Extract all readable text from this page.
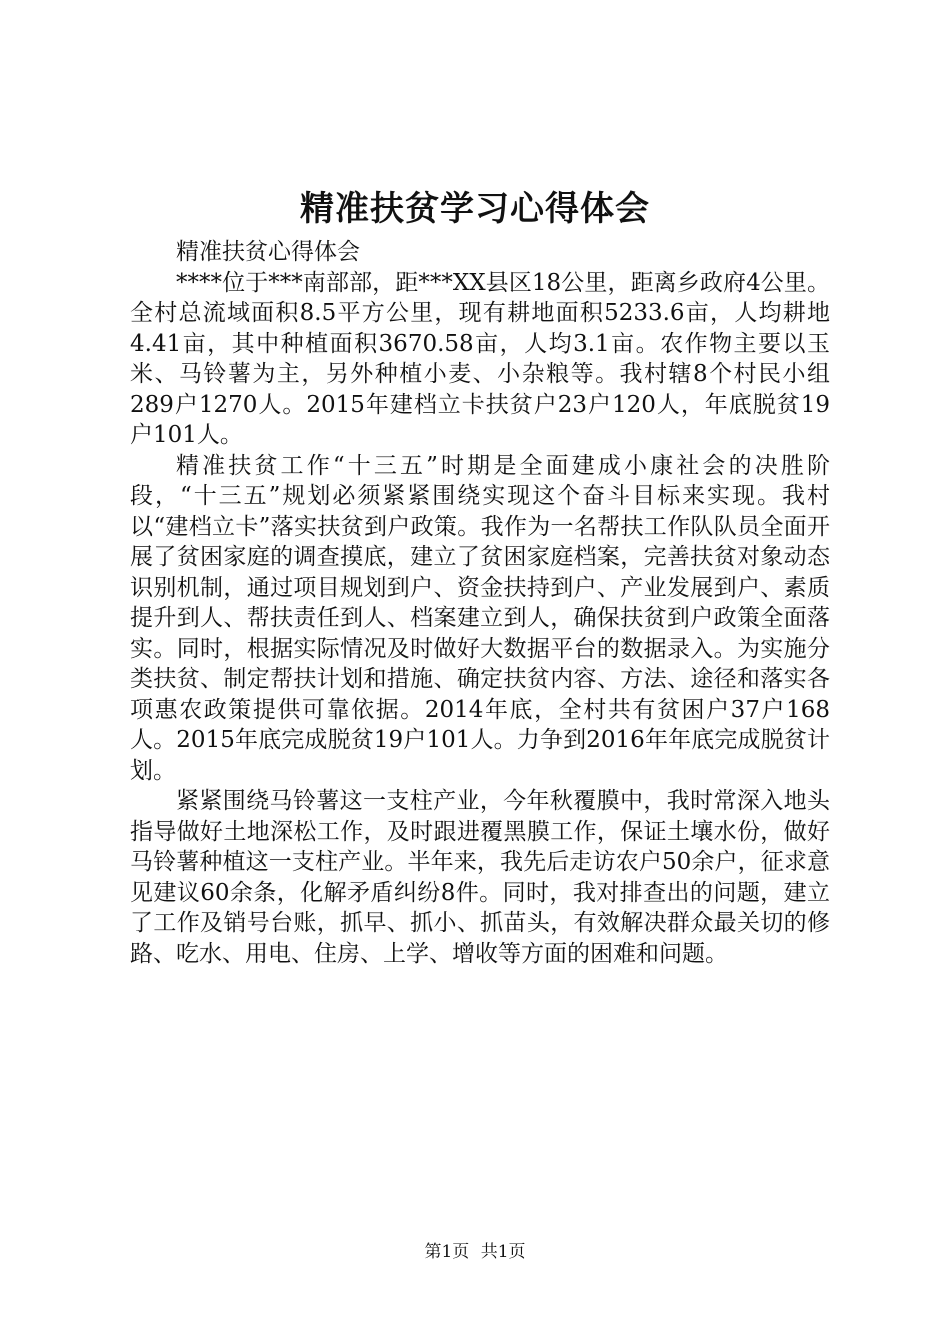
精准扶贫学习心得体会

精准扶贫心得体会

****位于***南部部，距***XX县区18公里，距离乡政府4公里。全村总流域面积8.5平方公里，现有耕地面积5233.6亩，人均耕地4.41亩，其中种植面积3670.58亩，人均3.1亩。农作物主要以玉米、马铃薯为主，另外种植小麦、小杂粮等。我村辖8个村民小组289户1270人。2015年建档立卡扶贫户23户120人，年底脱贫19户101人。

精准扶贫工作“十三五”时期是全面建成小康社会的决胜阶段，“十三五”规划必须紧紧围绕实现这个奋斗目标来实现。我村以“建档立卡”落实扶贫到户政策。我作为一名帮扶工作队队员全面开展了贫困家庭的调查摸底，建立了贫困家庭档案，完善扶贫对象动态识别机制，通过项目规划到户、资金扶持到户、产业发展到户、素质提升到人、帮扶责任到人、档案建立到人，确保扶贫到户政策全面落实。同时，根据实际情况及时做好大数据平台的数据录入。为实施分类扶贫、制定帮扶计划和措施、确定扶贫内容、方法、途径和落实各项惠农政策提供可靠依据。2014年底，全村共有贫困户37户168人。2015年底完成脱贫19户101人。力争到2016年年底完成脱贫计划。

紧紧围绕马铃薯这一支柱产业，今年秋覆膜中，我时常深入地头指导做好土地深松工作，及时跟进覆黑膜工作，保证土壤水份，做好马铃薯种植这一支柱产业。半年来，我先后走访农户50余户，征求意见建议60余条，化解矛盾纠纷8件。同时，我对排查出的问题，建立了工作及销号台账，抓早、抓小、抓苗头，有效解决群众最关切的修路、吃水、用电、住房、上学、增收等方面的困难和问题。

第1页 共1页
